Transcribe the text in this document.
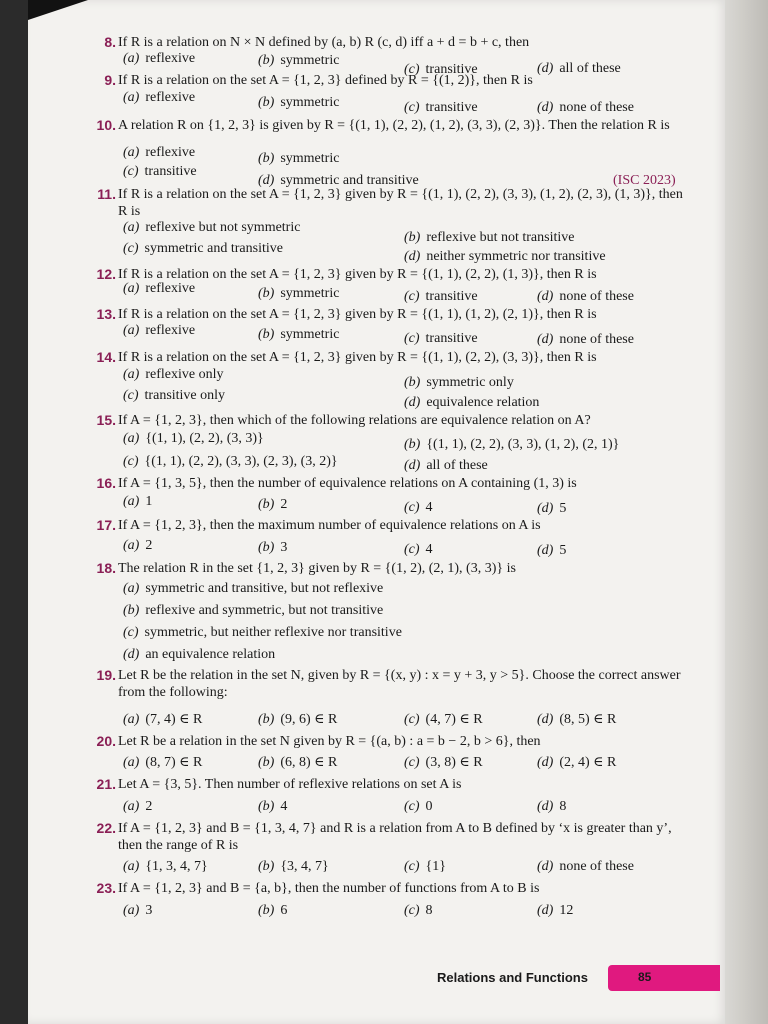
8. If R is a relation on N × N defined by (a, b) R (c, d) iff a + d = b + c, then
(a) reflexive	(b) symmetric
(c) transitive	(d) all of these
9. If R is a relation on the set A = {1, 2, 3} defined by R = {(1, 2)}, then R is
(a) reflexive	(b) symmetric	(c) transitive	(d) none of these
10. A relation R on {1, 2, 3} is given by R = {(1, 1), (2, 2), (1, 2), (3, 3), (2, 3)}. Then the relation R is
(ISC 2023)
(a) reflexive	(b) symmetric
(c) transitive
(d) symmetric and transitive
11. If R is a relation on the set A = {1, 2, 3} given by R = {(1, 1), (2, 2), (3, 3), (1, 2), (2, 3), (1, 3)}, then R is
(a) reflexive but not symmetric
(b) reflexive but not transitive
(c) symmetric and transitive
(d) neither symmetric nor transitive
12. If R is a relation on the set A = {1, 2, 3} given by R = {(1, 1), (2, 2), (1, 3)}, then R is
(a) reflexive	(b) symmetric	(c) transitive	(d) none of these
13. If R is a relation on the set A = {1, 2, 3} given by R = {(1, 1), (1, 2), (2, 1)}, then R is
(a) reflexive	(b) symmetric	(c) transitive	(d) none of these
14. If R is a relation on the set A = {1, 2, 3} given by R = {(1, 1), (2, 2), (3, 3)}, then R is
(a) reflexive only
(b) symmetric only
(c) transitive only	(d) equivalence relation
15. If A = {1, 2, 3}, then which of the following relations are equivalence relation on A?
(a) {(1, 1), (2, 2), (3, 3)}	(b) {(1, 1), (2, 2), (3, 3), (1, 2), (2, 1)}
(c) {(1, 1), (2, 2), (3, 3), (2, 3), (3, 2)}	(d) all of these
16. If A = {1, 3, 5}, then the number of equivalence relations on A containing (1, 3) is
(a) 1	(b) 2	(c) 4	(d) 5
17. If A = {1, 2, 3}, then the maximum number of equivalence relations on A is
(a) 2	(b) 3	(c) 4	(d) 5
18. The relation R in the set {1, 2, 3} given by R = {(1, 2), (2, 1), (3, 3)} is
(a) symmetric and transitive, but not reflexive
(b) reflexive and symmetric, but not transitive
(c) symmetric, but neither reflexive nor transitive
(d) an equivalence relation
19. Let R be the relation in the set N, given by R = {(x, y) : x = y + 3, y > 5}. Choose the correct answer from the following:
(a) (7, 4) ∈ R	(b) (9, 6) ∈ R	(c) (4, 7) ∈ R	(d) (8, 5) ∈ R
20. Let R be a relation in the set N given by R = {(a, b) : a = b − 2, b > 6}, then
(a) (8, 7) ∈ R	(b) (6, 8) ∈ R	(c) (3, 8) ∈ R	(d) (2, 4) ∈ R
21. Let A = {3, 5}. Then number of reflexive relations on set A is
(a) 2	(b) 4	(c) 0	(d) 8
22. If A = {1, 2, 3} and B = {1, 3, 4, 7} and R is a relation from A to B defined by ‘x is greater than y’, then the range of R is
(a) {1, 3, 4, 7}	(b) {3, 4, 7}	(c) {1}	(d) none of these
23. If A = {1, 2, 3} and B = {a, b}, then the number of functions from A to B is
(a) 3	(b) 6	(c) 8	(d) 12
Relations and Functions	85
